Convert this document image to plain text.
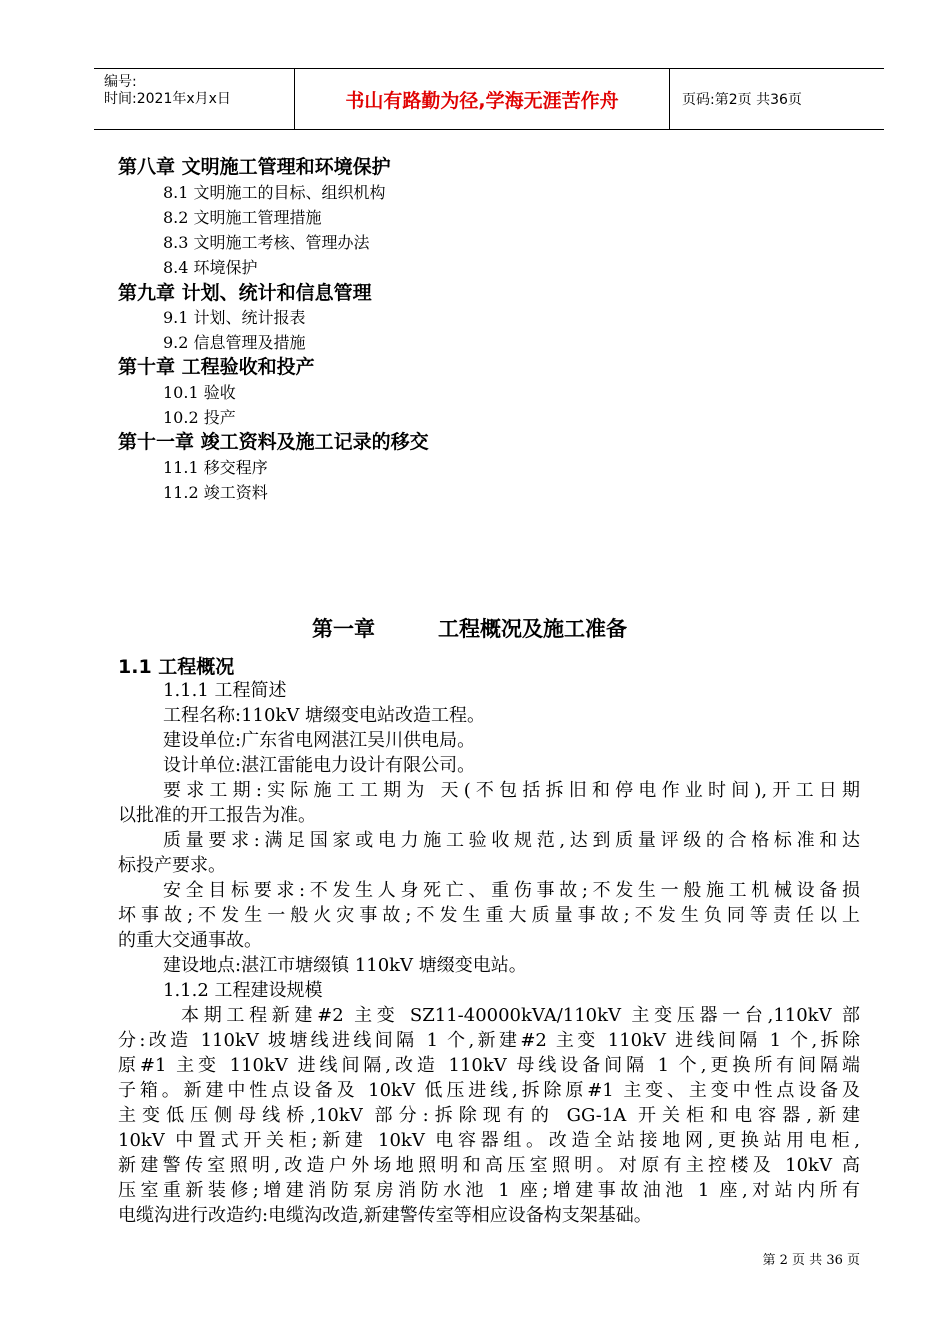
编号:
时间:2021年x月x日	书山有路勤为径,学海无涯苦作舟	页码:第2页 共36页
第八章 文明施工管理和环境保护
8.1 文明施工的目标、组织机构
8.2 文明施工管理措施
8.3 文明施工考核、管理办法
8.4 环境保护
第九章 计划、统计和信息管理
9.1 计划、统计报表
9.2 信息管理及措施
第十章 工程验收和投产
10.1 验收
10.2 投产
第十一章 竣工资料及施工记录的移交
11.1 移交程序
11.2 竣工资料
第一章	工程概况及施工准备
1.1 工程概况
1.1.1 工程简述
工程名称:110kV 塘缀变电站改造工程。
建设单位:广东省电网湛江吴川供电局。
设计单位:湛江雷能电力设计有限公司。
要求工期:实际施工工期为 天(不包括拆旧和停电作业时间),开工日期
以批准的开工报告为准。
质量要求:满足国家或电力施工验收规范,达到质量评级的合格标准和达
标投产要求。
安全目标要求:不发生人身死亡、重伤事故;不发生一般施工机械设备损
坏事故;不发生一般火灾事故;不发生重大质量事故;不发生负同等责任以上
的重大交通事故。
建设地点:湛江市塘缀镇 110kV 塘缀变电站。
1.1.2 工程建设规模
本期工程新建#2 主变 SZ11-40000kVA/110kV 主变压器一台,110kV 部
分:改造 110kV 坡塘线进线间隔 1 个,新建#2 主变 110kV 进线间隔 1 个,拆除
原#1 主变 110kV 进线间隔,改造 110kV 母线设备间隔 1 个,更换所有间隔端
子箱。新建中性点设备及 10kV 低压进线,拆除原#1 主变、主变中性点设备及
主变低压侧母线桥,10kV 部分:拆除现有的 GG-1A 开关柜和电容器,新建
10kV 中置式开关柜;新建 10kV 电容器组。改造全站接地网,更换站用电柜,
新建警传室照明,改造户外场地照明和高压室照明。对原有主控楼及 10kV 高
压室重新装修;增建消防泵房消防水池 1 座;增建事故油池 1 座,对站内所有
电缆沟进行改造约:电缆沟改造,新建警传室等相应设备构支架基础。
第 2 页 共 36 页
